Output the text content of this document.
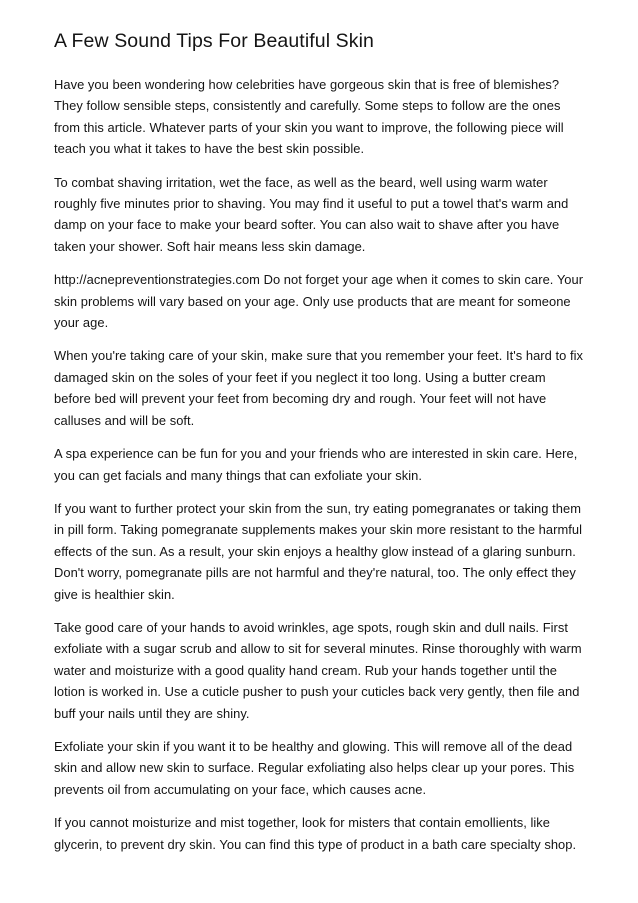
A Few Sound Tips For Beautiful Skin

Have you been wondering how celebrities have gorgeous skin that is free of blemishes? They follow sensible steps, consistently and carefully. Some steps to follow are the ones from this article. Whatever parts of your skin you want to improve, the following piece will teach you what it takes to have the best skin possible.

To combat shaving irritation, wet the face, as well as the beard, well using warm water roughly five minutes prior to shaving. You may find it useful to put a towel that's warm and damp on your face to make your beard softer. You can also wait to shave after you have taken your shower. Soft hair means less skin damage.

http://acnepreventionstrategies.com Do not forget your age when it comes to skin care. Your skin problems will vary based on your age. Only use products that are meant for someone your age.

When you're taking care of your skin, make sure that you remember your feet. It's hard to fix damaged skin on the soles of your feet if you neglect it too long. Using a butter cream before bed will prevent your feet from becoming dry and rough. Your feet will not have calluses and will be soft.

A spa experience can be fun for you and your friends who are interested in skin care. Here, you can get facials and many things that can exfoliate your skin.

If you want to further protect your skin from the sun, try eating pomegranates or taking them in pill form. Taking pomegranate supplements makes your skin more resistant to the harmful effects of the sun. As a result, your skin enjoys a healthy glow instead of a glaring sunburn. Don't worry, pomegranate pills are not harmful and they're natural, too. The only effect they give is healthier skin.

Take good care of your hands to avoid wrinkles, age spots, rough skin and dull nails. First exfoliate with a sugar scrub and allow to sit for several minutes. Rinse thoroughly with warm water and moisturize with a good quality hand cream. Rub your hands together until the lotion is worked in. Use a cuticle pusher to push your cuticles back very gently, then file and buff your nails until they are shiny.

Exfoliate your skin if you want it to be healthy and glowing. This will remove all of the dead skin and allow new skin to surface. Regular exfoliating also helps clear up your pores. This prevents oil from accumulating on your face, which causes acne.

If you cannot moisturize and mist together, look for misters that contain emollients, like glycerin, to prevent dry skin. You can find this type of product in a bath care specialty shop.
